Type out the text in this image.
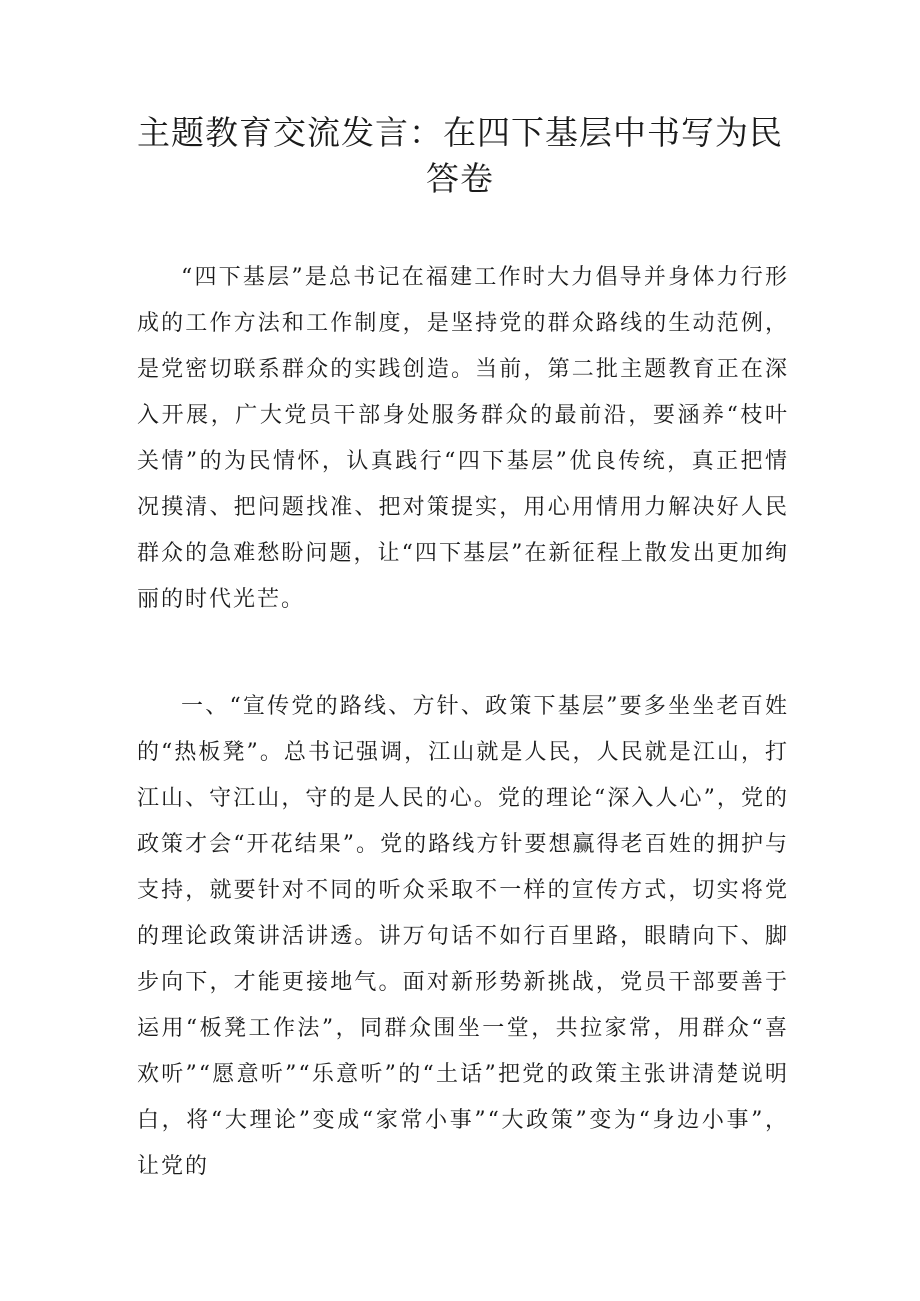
主题教育交流发言：在四下基层中书写为民
答卷

“四下基层”是总书记在福建工作时大力倡导并身体力行形成的工作方法和工作制度，是坚持党的群众路线的生动范例，是党密切联系群众的实践创造。当前，第二批主题教育正在深入开展，广大党员干部身处服务群众的最前沿，要涵养“枝叶关情”的为民情怀，认真践行“四下基层”优良传统，真正把情况摸清、把问题找准、把对策提实，用心用情用力解决好人民群众的急难愁盼问题，让“四下基层”在新征程上散发出更加绚丽的时代光芒。

一、“宣传党的路线、方针、政策下基层”要多坐坐老百姓的“热板凳”。总书记强调，江山就是人民，人民就是江山，打江山、守江山，守的是人民的心。党的理论“深入人心”，党的政策才会“开花结果”。党的路线方针要想赢得老百姓的拥护与支持，就要针对不同的听众采取不一样的宣传方式，切实将党的理论政策讲活讲透。讲万句话不如行百里路，眼睛向下、脚步向下，才能更接地气。面对新形势新挑战，党员干部要善于运用“板凳工作法”，同群众围坐一堂，共拉家常，用群众“喜欢听”“愿意听”“乐意听”的“土话”把党的政策主张讲清楚说明白，将“大理论”变成“家常小事”“大政策”变为“身边小事”，让党的
